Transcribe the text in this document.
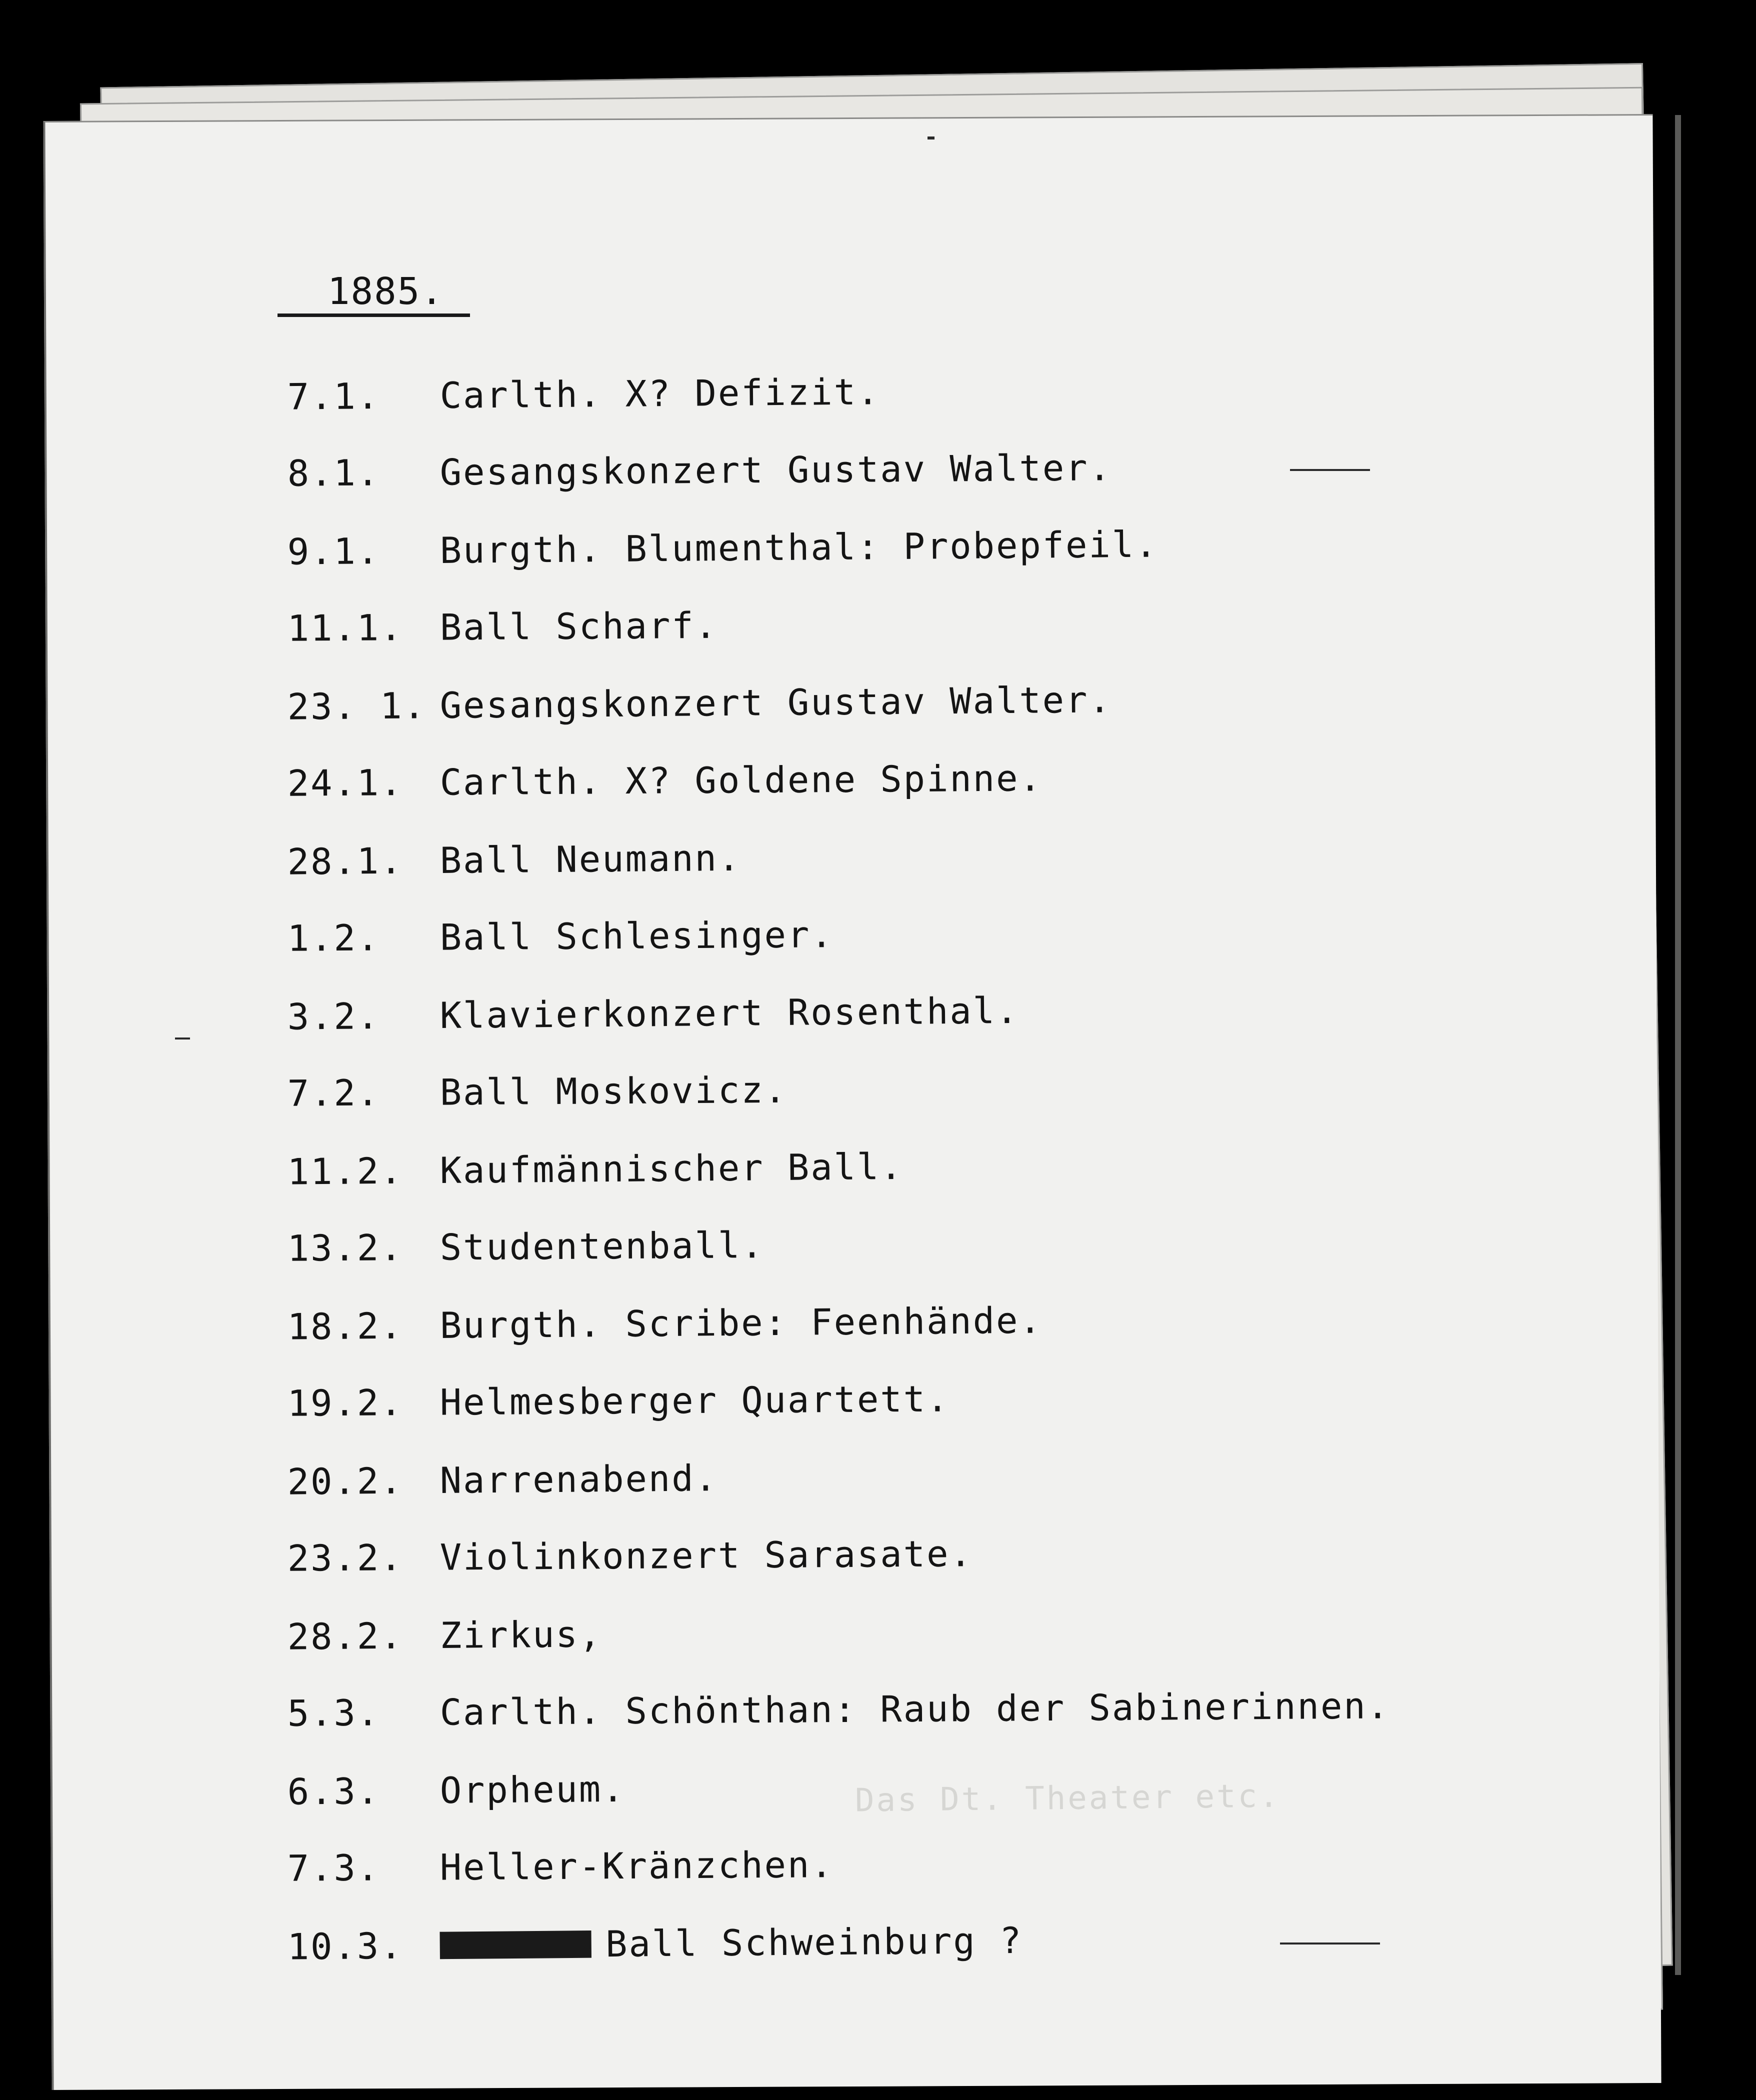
1885.
Das Dt. Theater etc.
7.1. Carlth. X? Defizit.
8.1. Gesangskonzert Gustav Walter.
9.1. Burgth. Blumenthal: Probepfeil.
11.1. Ball Scharf.
23. 1. Gesangskonzert Gustav Walter.
24.1. Carlth. X? Goldene Spinne.
28.1. Ball Neumann.
1.2. Ball Schlesinger.
3.2. Klavierkonzert Rosenthal.
7.2. Ball Moskovicz.
11.2. Kaufmännischer Ball.
13.2. Studentenball.
18.2. Burgth. Scribe: Feenhände.
19.2. Helmesberger Quartett.
20.2. Narrenabend.
23.2. Violinkonzert Sarasate.
28.2. Zirkus,
5.3. Carlth. Schönthan: Raub der Sabinerinnen.
6.3. Orpheum.
7.3. Heller-Kränzchen.
10.3. Schwein Ball Schweinburg ?
